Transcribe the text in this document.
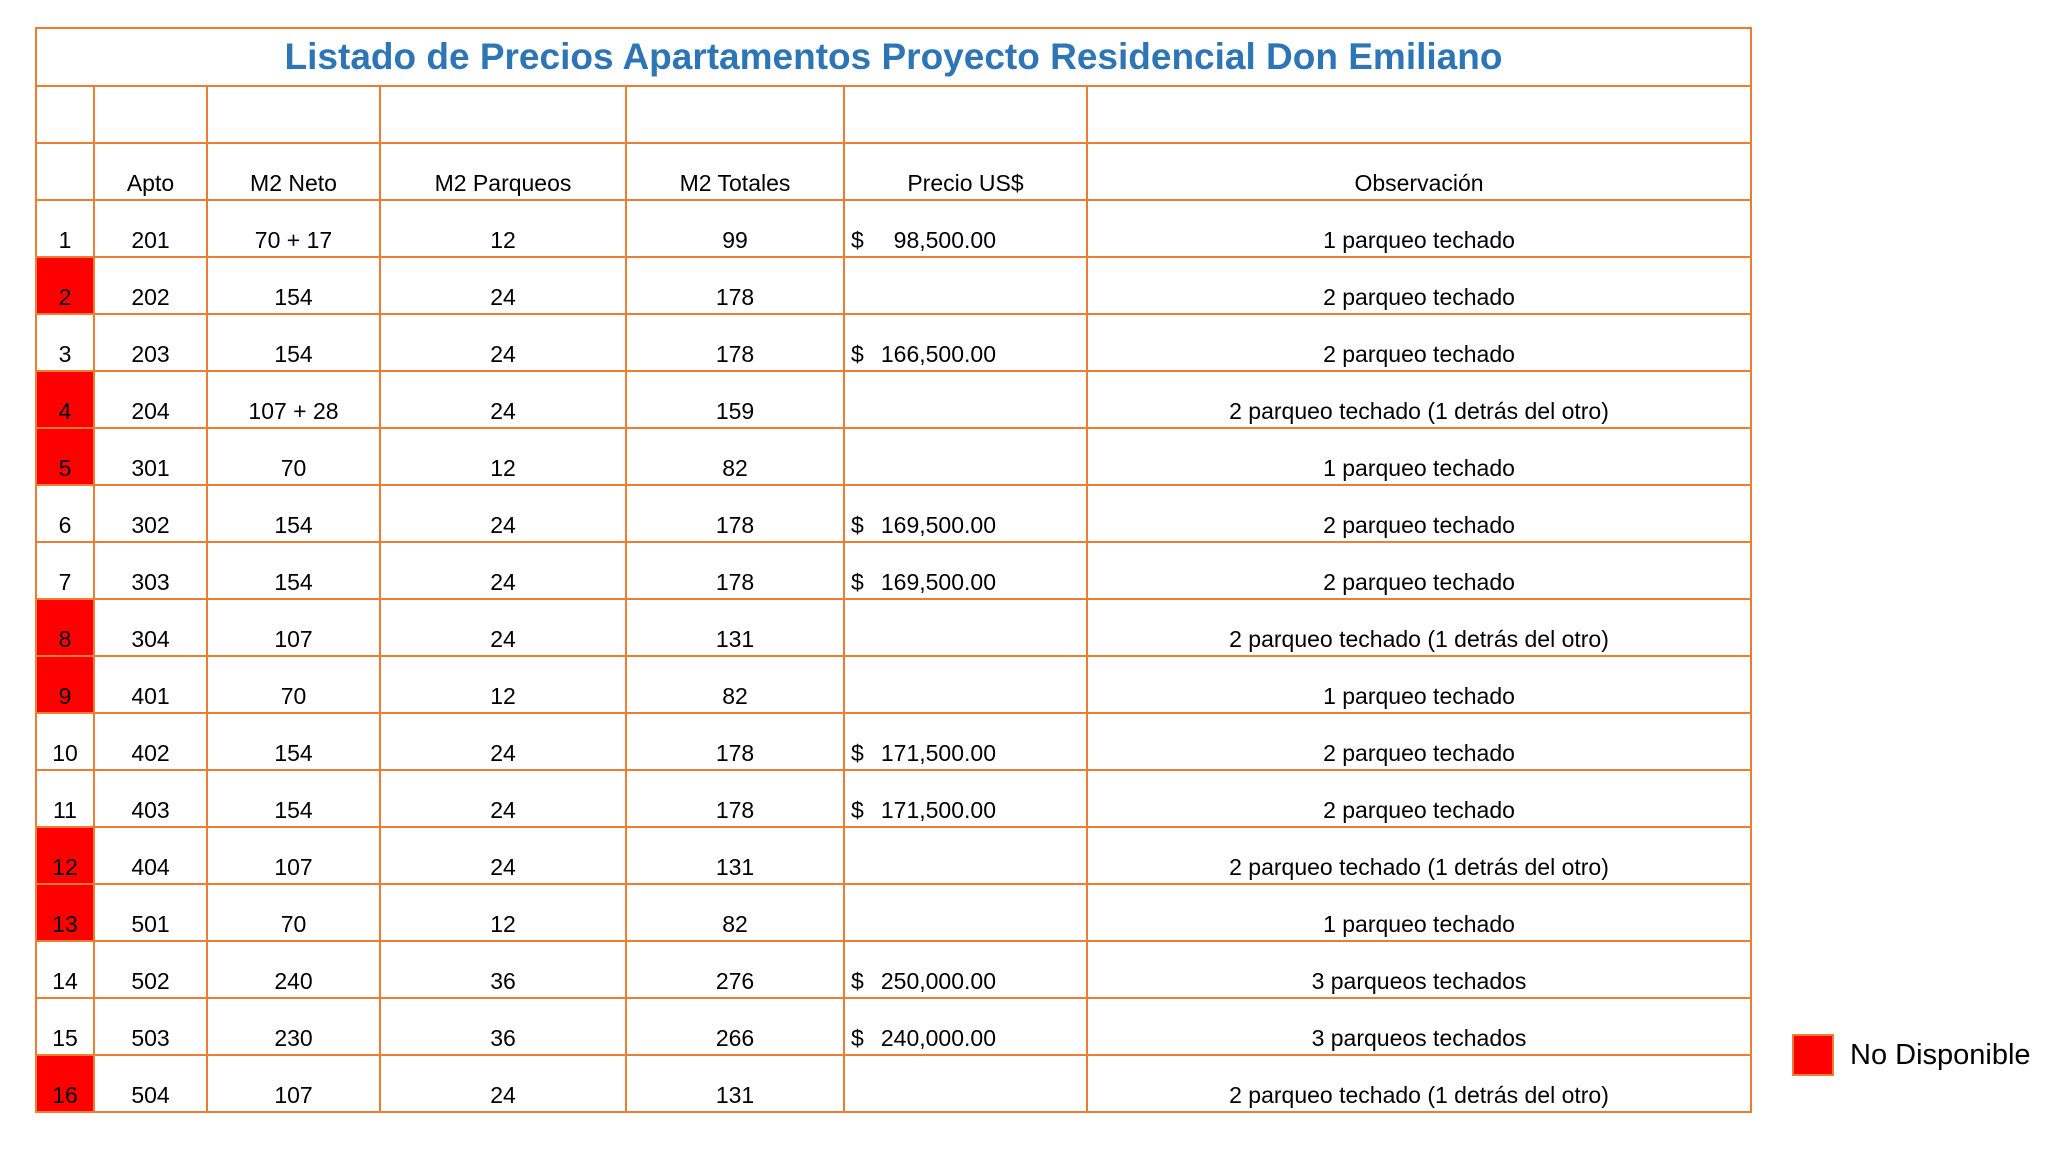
Listado de Precios Apartamentos Proyecto Residencial Don Emiliano						

	Apto	M2 Neto	M2 Parqueos	M2 Totales	Precio US$	Observación
1	201	70 + 17	12	99	$ 98,500.00	1 parqueo techado
2	202	154	24	178		2 parqueo techado
3	203	154	24	178	$ 166,500.00	2 parqueo techado
4	204	107 + 28	24	159		2 parqueo techado (1 detrás del otro)
5	301	70	12	82		1 parqueo techado
6	302	154	24	178	$ 169,500.00	2 parqueo techado
7	303	154	24	178	$ 169,500.00	2 parqueo techado
8	304	107	24	131		2 parqueo techado (1 detrás del otro)
9	401	70	12	82		1 parqueo techado
10	402	154	24	178	$ 171,500.00	2 parqueo techado
11	403	154	24	178	$ 171,500.00	2 parqueo techado
12	404	107	24	131		2 parqueo techado (1 detrás del otro)
13	501	70	12	82		1 parqueo techado
14	502	240	36	276	$ 250,000.00	3 parqueos techados
15	503	230	36	266	$ 240,000.00	3 parqueos techados
16	504	107	24	131		2 parqueo techado (1 detrás del otro)
No Disponible
